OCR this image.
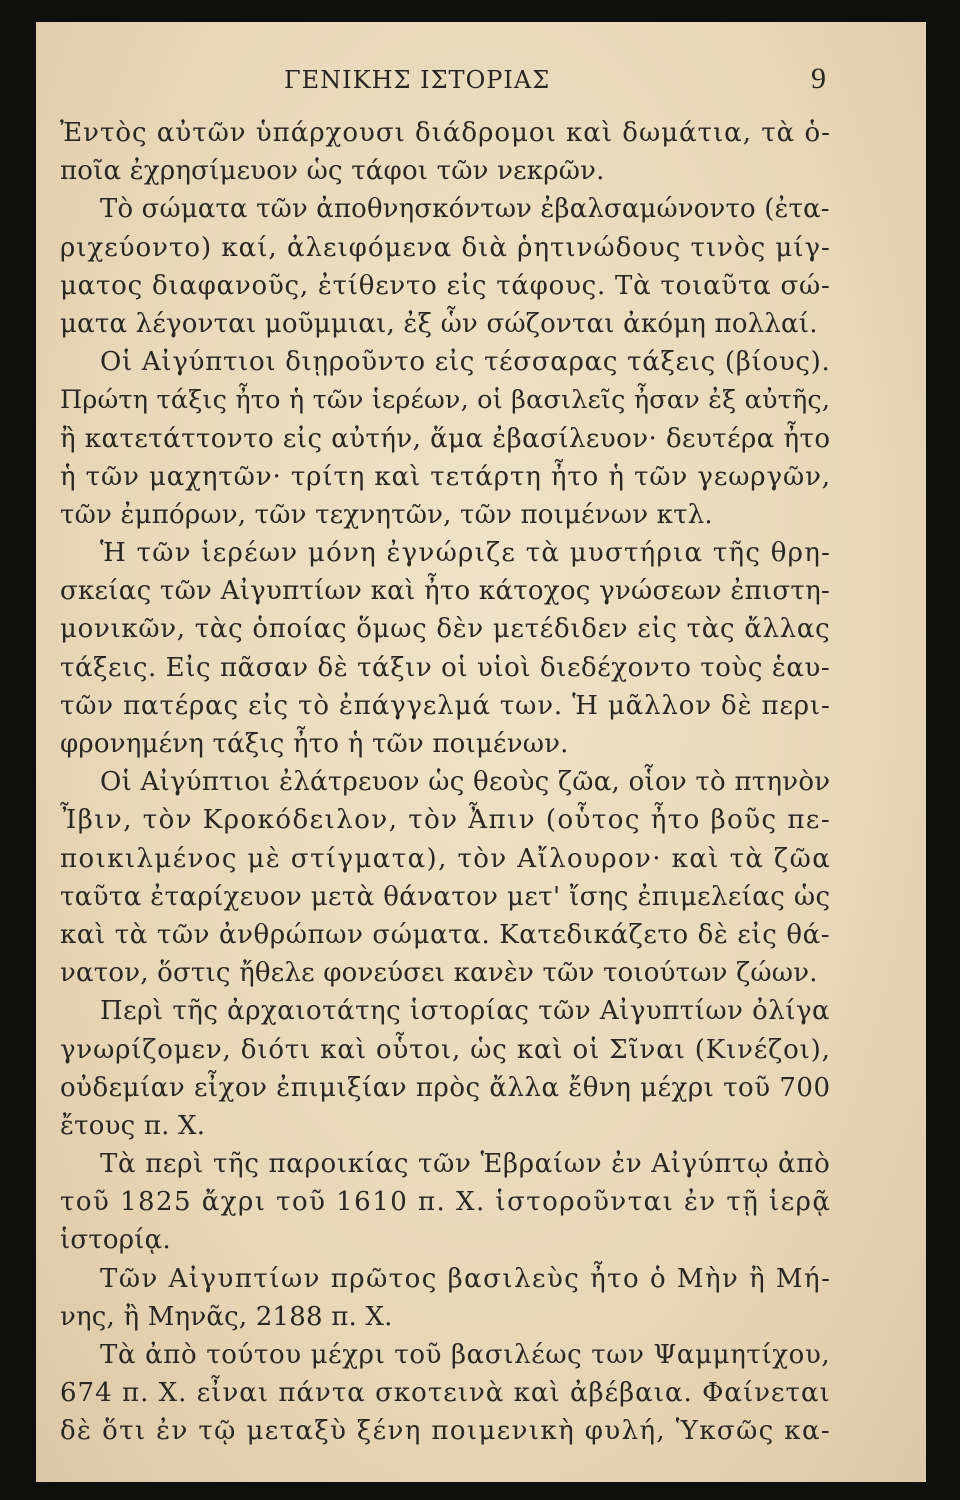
ΓΕΝΙΚΗΣ ΙΣΤΟΡΙΑΣ	9
Ἐντὸς αὐτῶν ὑπάρχουσι διάδρομοι καὶ δωμάτια, τὰ ὁ-
ποῖα ἐχρησίμευον ὡς τάφοι τῶν νεκρῶν.
Τὸ σώματα τῶν ἀποθνησκόντων ἐβαλσαμώνοντο (ἐτα-
ριχεύοντο) καί, ἀλειφόμενα διὰ ῥητινώδους τινὸς μίγ-
ματος διαφανοῦς, ἐτίθεντο εἰς τάφους. Τὰ τοιαῦτα σώ-
ματα λέγονται μοῦμμιαι, ἐξ ὧν σώζονται ἀκόμη πολλαί.
Οἱ Αἰγύπτιοι διῃροῦντο εἰς τέσσαρας τάξεις (βίους).
Πρώτη τάξις ἦτο ἡ τῶν ἱερέων, οἱ βασιλεῖς ἦσαν ἐξ αὐτῆς,
ἢ κατετάττοντο εἰς αὐτήν, ἅμα ἐβασίλευον· δευτέρα ἦτο
ἡ τῶν μαχητῶν· τρίτη καὶ τετάρτη ἦτο ἡ τῶν γεωργῶν,
τῶν ἐμπόρων, τῶν τεχνητῶν, τῶν ποιμένων κτλ.
Ἡ τῶν ἱερέων μόνη ἐγνώριζε τὰ μυστήρια τῆς θρη-
σκείας τῶν Αἰγυπτίων καὶ ἦτο κάτοχος γνώσεων ἐπιστη-
μονικῶν, τὰς ὁποίας ὅμως δὲν μετέδιδεν εἰς τὰς ἄλλας
τάξεις. Εἰς πᾶσαν δὲ τάξιν οἱ υἱοὶ διεδέχοντο τοὺς ἑαυ-
τῶν πατέρας εἰς τὸ ἐπάγγελμά των. Ἡ μᾶλλον δὲ περι-
φρονημένη τάξις ἦτο ἡ τῶν ποιμένων.
Οἱ Αἰγύπτιοι ἐλάτρευον ὡς θεοὺς ζῶα, οἷον τὸ πτηνὸν
Ἶβιν, τὸν Κροκόδειλον, τὸν Ἆπιν (οὗτος ἦτο βοῦς πε-
ποικιλμένος μὲ στίγματα), τὸν Αἴλουρον· καὶ τὰ ζῶα
ταῦτα ἐταρίχευον μετὰ θάνατον μετ' ἴσης ἐπιμελείας ὡς
καὶ τὰ τῶν ἀνθρώπων σώματα. Κατεδικάζετο δὲ εἰς θά-
νατον, ὅστις ἤθελε φονεύσει κανὲν τῶν τοιούτων ζώων.
Περὶ τῆς ἀρχαιοτάτης ἱστορίας τῶν Αἰγυπτίων ὀλίγα
γνωρίζομεν, διότι καὶ οὗτοι, ὡς καὶ οἱ Σῖναι (Κινέζοι),
οὐδεμίαν εἶχον ἐπιμιξίαν πρὸς ἄλλα ἔθνη μέχρι τοῦ 700
ἔτους π. Χ.
Τὰ περὶ τῆς παροικίας τῶν Ἑβραίων ἐν Αἰγύπτῳ ἀπὸ
τοῦ 1825 ἄχρι τοῦ 1610 π. Χ. ἱστοροῦνται ἐν τῇ ἱερᾷ
ἱστορίᾳ.
Τῶν Αἰγυπτίων πρῶτος βασιλεὺς ἦτο ὁ Μὴν ἢ Μή-
νης, ἢ Μηνᾶς, 2188 π. Χ.
Τὰ ἀπὸ τούτου μέχρι τοῦ βασιλέως των Ψαμμητίχου,
674 π. Χ. εἶναι πάντα σκοτεινὰ καὶ ἀβέβαια. Φαίνεται
δὲ ὅτι ἐν τῷ μεταξὺ ξένη ποιμενικὴ φυλή, Ὑκσῶς κα-
